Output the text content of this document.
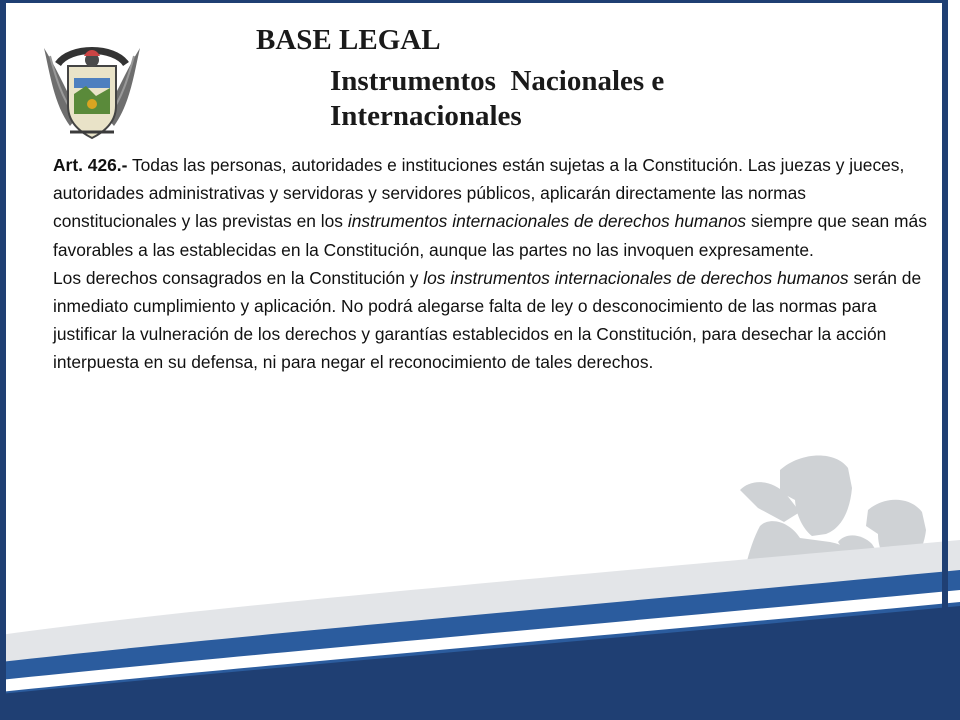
BASE LEGAL
Instrumentos  Nacionales e
Internacionales

Art. 426.- Todas las personas, autoridades e instituciones están sujetas a la Constitución. Las juezas y jueces, autoridades administrativas y servidoras y servidores públicos, aplicarán directamente las normas constitucionales y las previstas en los instrumentos internacionales de derechos humanos siempre que sean más favorables a las establecidas en la Constitución, aunque las partes no las invoquen expresamente.

Los derechos consagrados en la Constitución y los instrumentos internacionales de derechos humanos serán de inmediato cumplimiento y aplicación. No podrá alegarse falta de ley o desconocimiento de las normas para justificar la vulneración de los derechos y garantías establecidos en la Constitución, para desechar la acción interpuesta en su defensa, ni para negar el reconocimiento de tales derechos.
